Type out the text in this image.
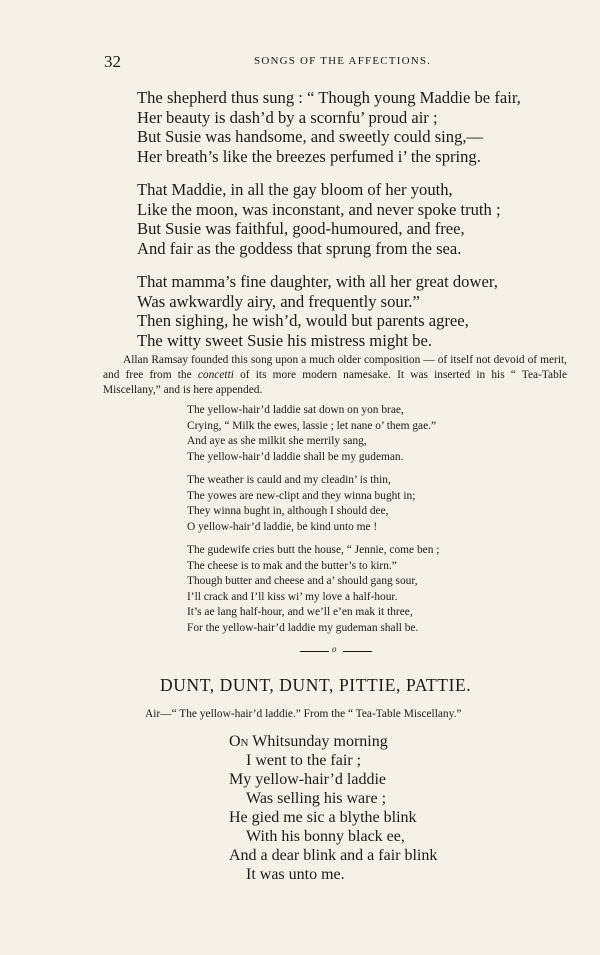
32	SONGS OF THE AFFECTIONS.
The shepherd thus sung : “ Though young Maddie be fair,
Her beauty is dash’d by a scornfu’ proud air ;
But Susie was handsome, and sweetly could sing,—
Her breath’s like the breezes perfumed i’ the spring.
That Maddie, in all the gay bloom of her youth,
Like the moon, was inconstant, and never spoke truth ;
But Susie was faithful, good-humoured, and free,
And fair as the goddess that sprung from the sea.
That mamma’s fine daughter, with all her great dower,
Was awkwardly airy, and frequently sour.”
Then sighing, he wish’d, would but parents agree,
The witty sweet Susie his mistress might be.

Allan Ramsay founded this song upon a much older composition — of itself not devoid of merit, and free from the concetti of its more modern namesake. It was inserted in his “ Tea-Table Miscellany,” and is here appended.

The yellow-hair’d laddie sat down on yon brae,
Crying, “ Milk the ewes, lassie ; let nane o’ them gae.”
And aye as she milkit she merrily sang,
The yellow-hair’d laddie shall be my gudeman.
The weather is cauld and my cleadin’ is thin,
The yowes are new-clipt and they winna bught in;
They winna bught in, although I should dee,
O yellow-hair’d laddie, be kind unto me !
The gudewife cries butt the house, “ Jennie, come ben ;
The cheese is to mak and the butter’s to kirn.”
Though butter and cheese and a’ should gang sour,
I’ll crack and I’ll kiss wi’ my love a half-hour.
It’s ae lang half-hour, and we’ll e’en mak it three,
For the yellow-hair’d laddie my gudeman shall be.
o
DUNT, DUNT, DUNT, PITTIE, PATTIE.
Air—“ The yellow-hair’d laddie.” From the “ Tea-Table Miscellany.”
On Whitsunday morning
I went to the fair ;
My yellow-hair’d laddie
Was selling his ware ;
He gied me sic a blythe blink
With his bonny black ee,
And a dear blink and a fair blink
It was unto me.
